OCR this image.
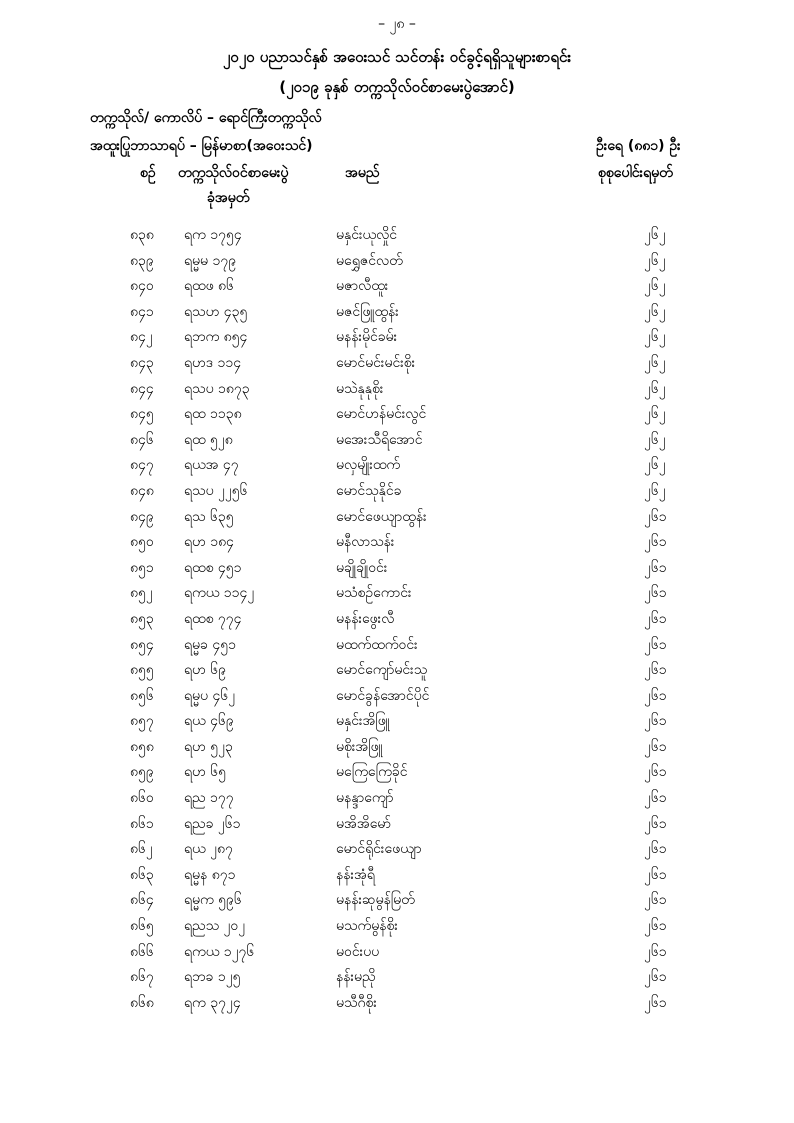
– ၂၈ –
၂၀၂၀ ပညာသင်နှစ် အဝေးသင် သင်တန်း ဝင်ခွင့်ရရှိသူများစာရင်း
(၂၀၁၉ ခုနှစ် တက္ကသိုလ်ဝင်စာမေးပွဲအောင်)
တက္ကသိုလ်/ ကောလိပ် – ရောင်ကြီးတက္ကသိုလ်
အထူးပြုဘာသာရပ် – မြန်မာစာ(အဝေးသင်)	ဦးရေ (၈၈၁) ဦး
စဉ် တက္ကသိုလ်ဝင်စာမေးပွဲ
ခုံအမှတ်
အမည်	စုစုပေါင်းရမှတ်
၈၃၈ ရက ၁၇၅၄	မနှင်းယုလှိုင်	၂၆၂
၈၃၉ ရမ္မမ ၁၇၉	မရွှေဇင်လတ်	၂၆၂
၈၄၀ ရထဖ ၈၆	မဇာလီထူး	၂၆၂
၈၄၁ ရသဟ ၄၃၅	မဇင်ဖြူထွန်း	၂၆၂
၈၄၂ ရဘက ၈၅၄	မနန်းမိုင်ခမ်း	၂၆၂
၈၄၃ ရဟဒ ၁၁၄	မောင်မင်းမင်းစိုး	၂၆၂
၈၄၄ ရသပ ၁၈၇၃	မသဲနုနုစိုး	၂၆၂
၈၄၅ ရထ ၁၁၃၈	မောင်ဟန်မင်းလွင်	၂၆၂
၈၄၆ ရထ ၅၂၈	မအေးသီရိအောင်	၂၆၂
၈၄၇ ရယအ ၄၇	မလှမျိုးထက်	၂၆၂
၈၄၈ ရသပ ၂၂၅၆	မောင်သုနိုင်ခ	၂၆၂
၈၄၉ ရသ ၆၃၅	မောင်ဖေယျာထွန်း	၂၆၁
၈၅၀ ရဟ ၁၈၄	မနီလာသန်း	၂၆၁
၈၅၁ ရထစ ၄၅၁	မချိုချိုဝင်း	၂၆၁
၈၅၂ ရကယ ၁၁၄၂	မသံစဉ်ကောင်း	၂၆၁
၈၅၃ ရထစ ၇၇၄	မနန်းဖွေးလီ	၂၆၁
၈၅၄ ရမ္မခ ၄၅၁	မထက်ထက်ဝင်း	၂၆၁
၈၅၅ ရဟ ၆၉	မောင်ကျော်မင်းသူ	၂၆၁
၈၅၆ ရမ္မပ ၄၆၂	မောင်ခွန်အောင်ပိုင်	၂၆၁
၈၅၇ ရယ ၄၆၉	မနှင်းအိဖြူ	၂၆၁
၈၅၈ ရဟ ၅၂၃	မစိုးအိဖြူ	၂၆၁
၈၅၉ ရဟ ၆၅	မကြေကြေခိုင်	၂၆၁
၈၆၀ ရည ၁၇၇	မနန္ဒာကျော်	၂၆၁
၈၆၁ ရညခ ၂၆၁	မအိအိမော်	၂၆၁
၈၆၂ ရယ ၂၈၇	မောင်ရိုင်းဖေယျာ	၂၆၁
၈၆၃ ရမ္မန ၈၇၁	နန်းအုံရီ	၂၆၁
၈၆၄ ရမ္မက ၅၉၆	မနန်းဆုမွန်မြတ်	၂၆၁
၈၆၅ ရညသ ၂၀၂	မသက်မွန်စိုး	၂၆၁
၈၆၆ ရကယ ၁၂၇၆	မဝင်းပပ	၂၆၁
၈၆၇ ရဘခ ၁၂၅	နန်းမညို	၂၆၁
၈၆၈ ရက ၃၇၂၄	မသီဂီစိုး	၂၆၁
